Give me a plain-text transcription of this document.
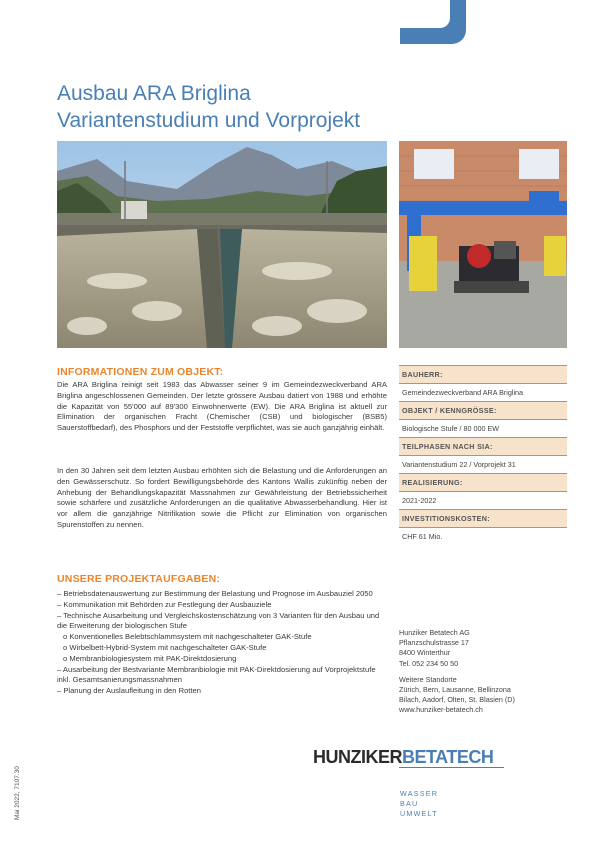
Ausbau ARA Briglina
Variantenstudium und Vorprojekt
INFORMATIONEN ZUM OBJEKT:
Die ARA Briglina reinigt seit 1983 das Abwasser seiner 9 im Gemeindezweckverband ARA Briglina angeschlossenen Gemeinden. Der letzte grössere Ausbau datiert von 1988 und erhöhte die Kapazität von 55'000 auf 89'300 Einwohnerwerte (EW). Die ARA Briglina ist aktuell zur Elimination der organischen Fracht (Chemischer (CSB) und biologischer (BSB5) Sauerstoffbedarf), des Phosphors und der Feststoffe verpflichtet, was sie auch ganzjährig einhält.
In den 30 Jahren seit dem letzten Ausbau erhöhten sich die Belastung und die Anforderungen an den Gewässerschutz. So fordert Bewilligungsbehörde des Kantons Wallis zukünftig neben der Anhebung der Behandlungskapazität Massnahmen zur Gewährleistung der Betriebssicherheit sowie schärfere und zusätzliche Anforderungen an die qualitative Abwasserbehandlung. Hier ist vor allem die ganzjährige Nitrifikation sowie die Pflicht zur Elimination von organischen Spurenstoffen zu nennen.
UNSERE PROJEKTAUFGABEN:
– Betriebsdatenauswertung zur Bestimmung der Belastung und Prognose im Ausbauziel 2050
– Kommunikation mit Behörden zur Festlegung der Ausbauziele
– Technische Ausarbeitung und Vergleichskostenschätzung von 3 Varianten für den Ausbau und die Erweiterung der biologischen Stufe
o Konventionelles Belebtschlammsystem mit nachgeschalteter GAK-Stufe
o Wirbelbett-Hybrid-System mit nachgeschalteter GAK-Stufe
o Membranbiologiesystem mit PAK-Direktdosierung
– Ausarbeitung der Bestvariante Membranbiologie mit PAK-Direktdosierung auf Vorprojektstufe inkl. Gesamtsanierungsmassnahmen
– Planung der Auslaufleitung in den Rotten
BAUHERR:
Gemeindezweckverband ARA Briglina
OBJEKT / KENNGRÖSSE:
Biologische Stufe / 80 000 EW
TEILPHASEN NACH SIA:
Variantenstudium 22 / Vorprojekt 31
REALISIERUNG:
2021-2022
INVESTITIONSKOSTEN:
CHF 61 Mio.
Hunziker Betatech AG
Pflanzschulstrasse 17
8400 Winterthur
Tel. 052 234 50 50
Weitere Standorte
Zürich, Bern, Lausanne, Bellinzona
Bilach, Aadorf, Olten, St. Blasien (D)
www.hunziker-betatech.ch
HUNZIKERBETATECH
WASSER
BAU
UMWELT
Mai 2022, 7107.30
